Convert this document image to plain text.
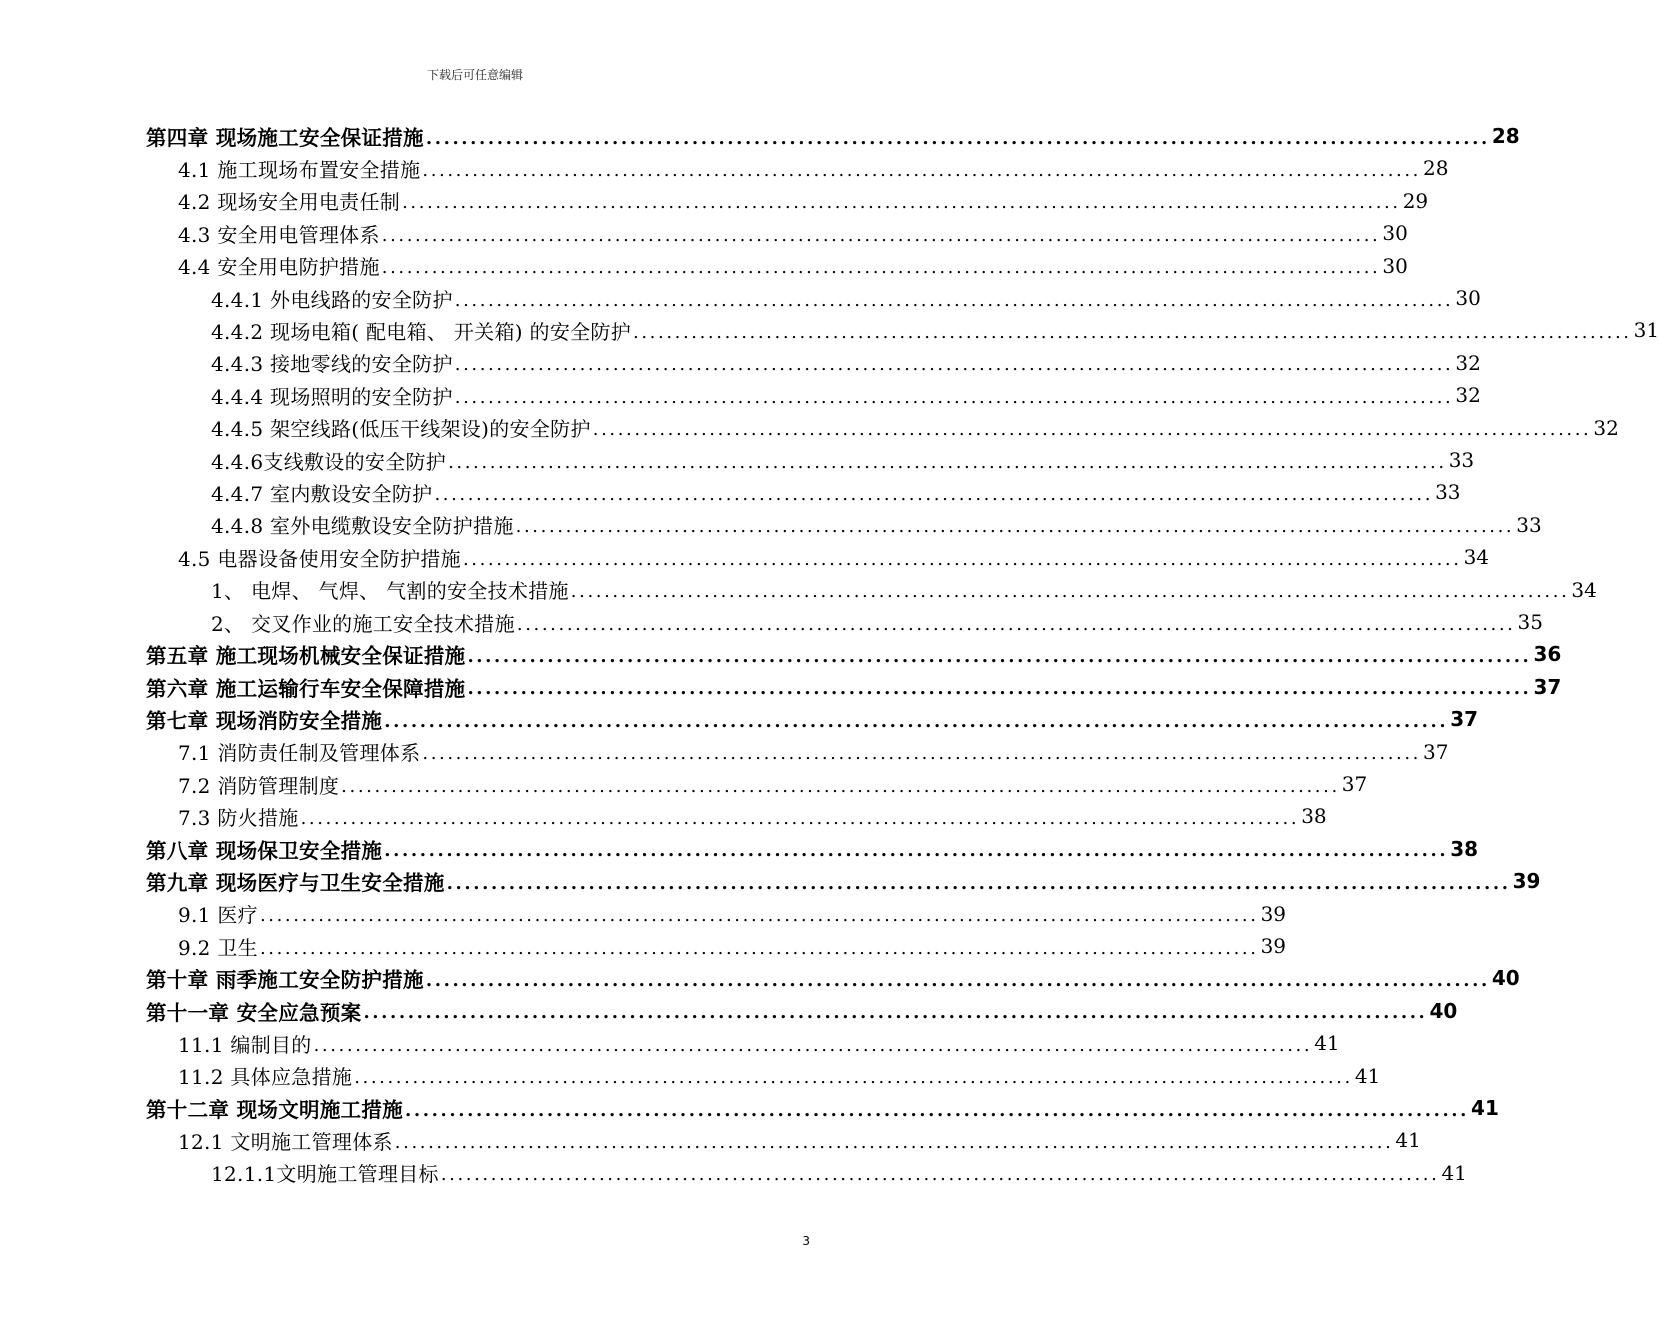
下载后可任意编辑
第四章 现场施工安全保证措施 ........................................................................................................................ 28
4.1 施工现场布置安全措施 ........................................................................................................................ 28
4.2 现场安全用电责任制 ........................................................................................................................ 29
4.3 安全用电管理体系 ........................................................................................................................ 30
4.4 安全用电防护措施 ........................................................................................................................ 30
4.4.1 外电线路的安全防护 ........................................................................................................................ 30
4.4.2 现场电箱( 配电箱、 开关箱) 的安全防护 ........................................................................................................................ 31
4.4.3 接地零线的安全防护 ........................................................................................................................ 32
4.4.4 现场照明的安全防护 ........................................................................................................................ 32
4.4.5 架空线路(低压干线架设)的安全防护 ........................................................................................................................ 32
4.4.6支线敷设的安全防护 ........................................................................................................................ 33
4.4.7 室内敷设安全防护 ........................................................................................................................ 33
4.4.8 室外电缆敷设安全防护措施 ........................................................................................................................ 33
4.5 电器设备使用安全防护措施 ........................................................................................................................ 34
1、 电焊、 气焊、 气割的安全技术措施 ........................................................................................................................ 34
2、 交叉作业的施工安全技术措施 ........................................................................................................................ 35
第五章 施工现场机械安全保证措施 ........................................................................................................................ 36
第六章 施工运输行车安全保障措施 ........................................................................................................................ 37
第七章 现场消防安全措施 ........................................................................................................................ 37
7.1 消防责任制及管理体系 ........................................................................................................................ 37
7.2 消防管理制度 ........................................................................................................................ 37
7.3 防火措施 ........................................................................................................................ 38
第八章 现场保卫安全措施 ........................................................................................................................ 38
第九章 现场医疗与卫生安全措施 ........................................................................................................................ 39
9.1 医疗 ........................................................................................................................ 39
9.2 卫生 ........................................................................................................................ 39
第十章 雨季施工安全防护措施 ........................................................................................................................ 40
第十一章 安全应急预案 ........................................................................................................................ 40
11.1 编制目的 ........................................................................................................................ 41
11.2 具体应急措施 ........................................................................................................................ 41
第十二章 现场文明施工措施 ........................................................................................................................ 41
12.1 文明施工管理体系 ........................................................................................................................ 41
12.1.1文明施工管理目标 ........................................................................................................................ 41
3
